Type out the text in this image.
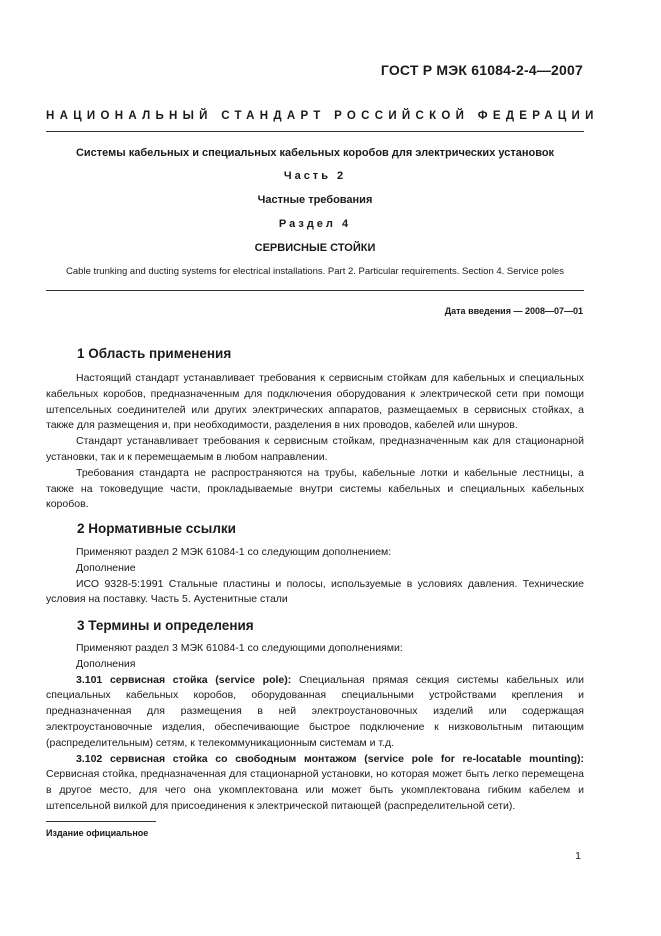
ГОСТ Р МЭК 61084-2-4—2007
НАЦИОНАЛЬНЫЙ СТАНДАРТ РОССИЙСКОЙ ФЕДЕРАЦИИ
Системы кабельных и специальных кабельных коробов для электрических установок
Часть 2
Частные требования
Раздел 4
СЕРВИСНЫЕ СТОЙКИ
Cable trunking and ducting systems for electrical installations. Part 2. Particular requirements. Section 4. Service poles
Дата введения — 2008—07—01
1 Область применения

Настоящий стандарт устанавливает требования к сервисным стойкам для кабельных и специальных кабельных коробов, предназначенным для подключения оборудования к электрической сети при помощи штепсельных соединителей или других электрических аппаратов, размещаемых в сервисных стойках, а также для размещения и, при необходимости, разделения в них проводов, кабелей или шнуров.

Стандарт устанавливает требования к сервисным стойкам, предназначенным как для стационарной установки, так и к перемещаемым в любом направлении.

Требования стандарта не распространяются на трубы, кабельные лотки и кабельные лестницы, а также на токоведущие части, прокладываемые внутри системы кабельных и специальных кабельных коробов.

2 Нормативные ссылки

Применяют раздел 2 МЭК 61084-1 со следующим дополнением:

Дополнение

ИСО 9328-5:1991 Стальные пластины и полосы, используемые в условиях давления. Технические условия на поставку. Часть 5. Аустенитные стали

3 Термины и определения

Применяют раздел 3 МЭК 61084-1 со следующими дополнениями:

Дополнения

3.101 сервисная стойка (service pole): Специальная прямая секция системы кабельных или специальных кабельных коробов, оборудованная специальными устройствами крепления и предназначенная для размещения в ней электроустановочных изделий или содержащая электроустановочные изделия, обеспечивающие быстрое подключение к низковольтным питающим (распределительным) сетям, к телекоммуникационным системам и т.д.

3.102 сервисная стойка со свободным монтажом (service pole for re-locatable mounting): Сервисная стойка, предназначенная для стационарной установки, но которая может быть легко перемещена в другое место, для чего она укомплектована или может быть укомплектована гибким кабелем и штепсельной вилкой для присоединения к электрической питающей (распределительной сети).

Издание официальное
1
